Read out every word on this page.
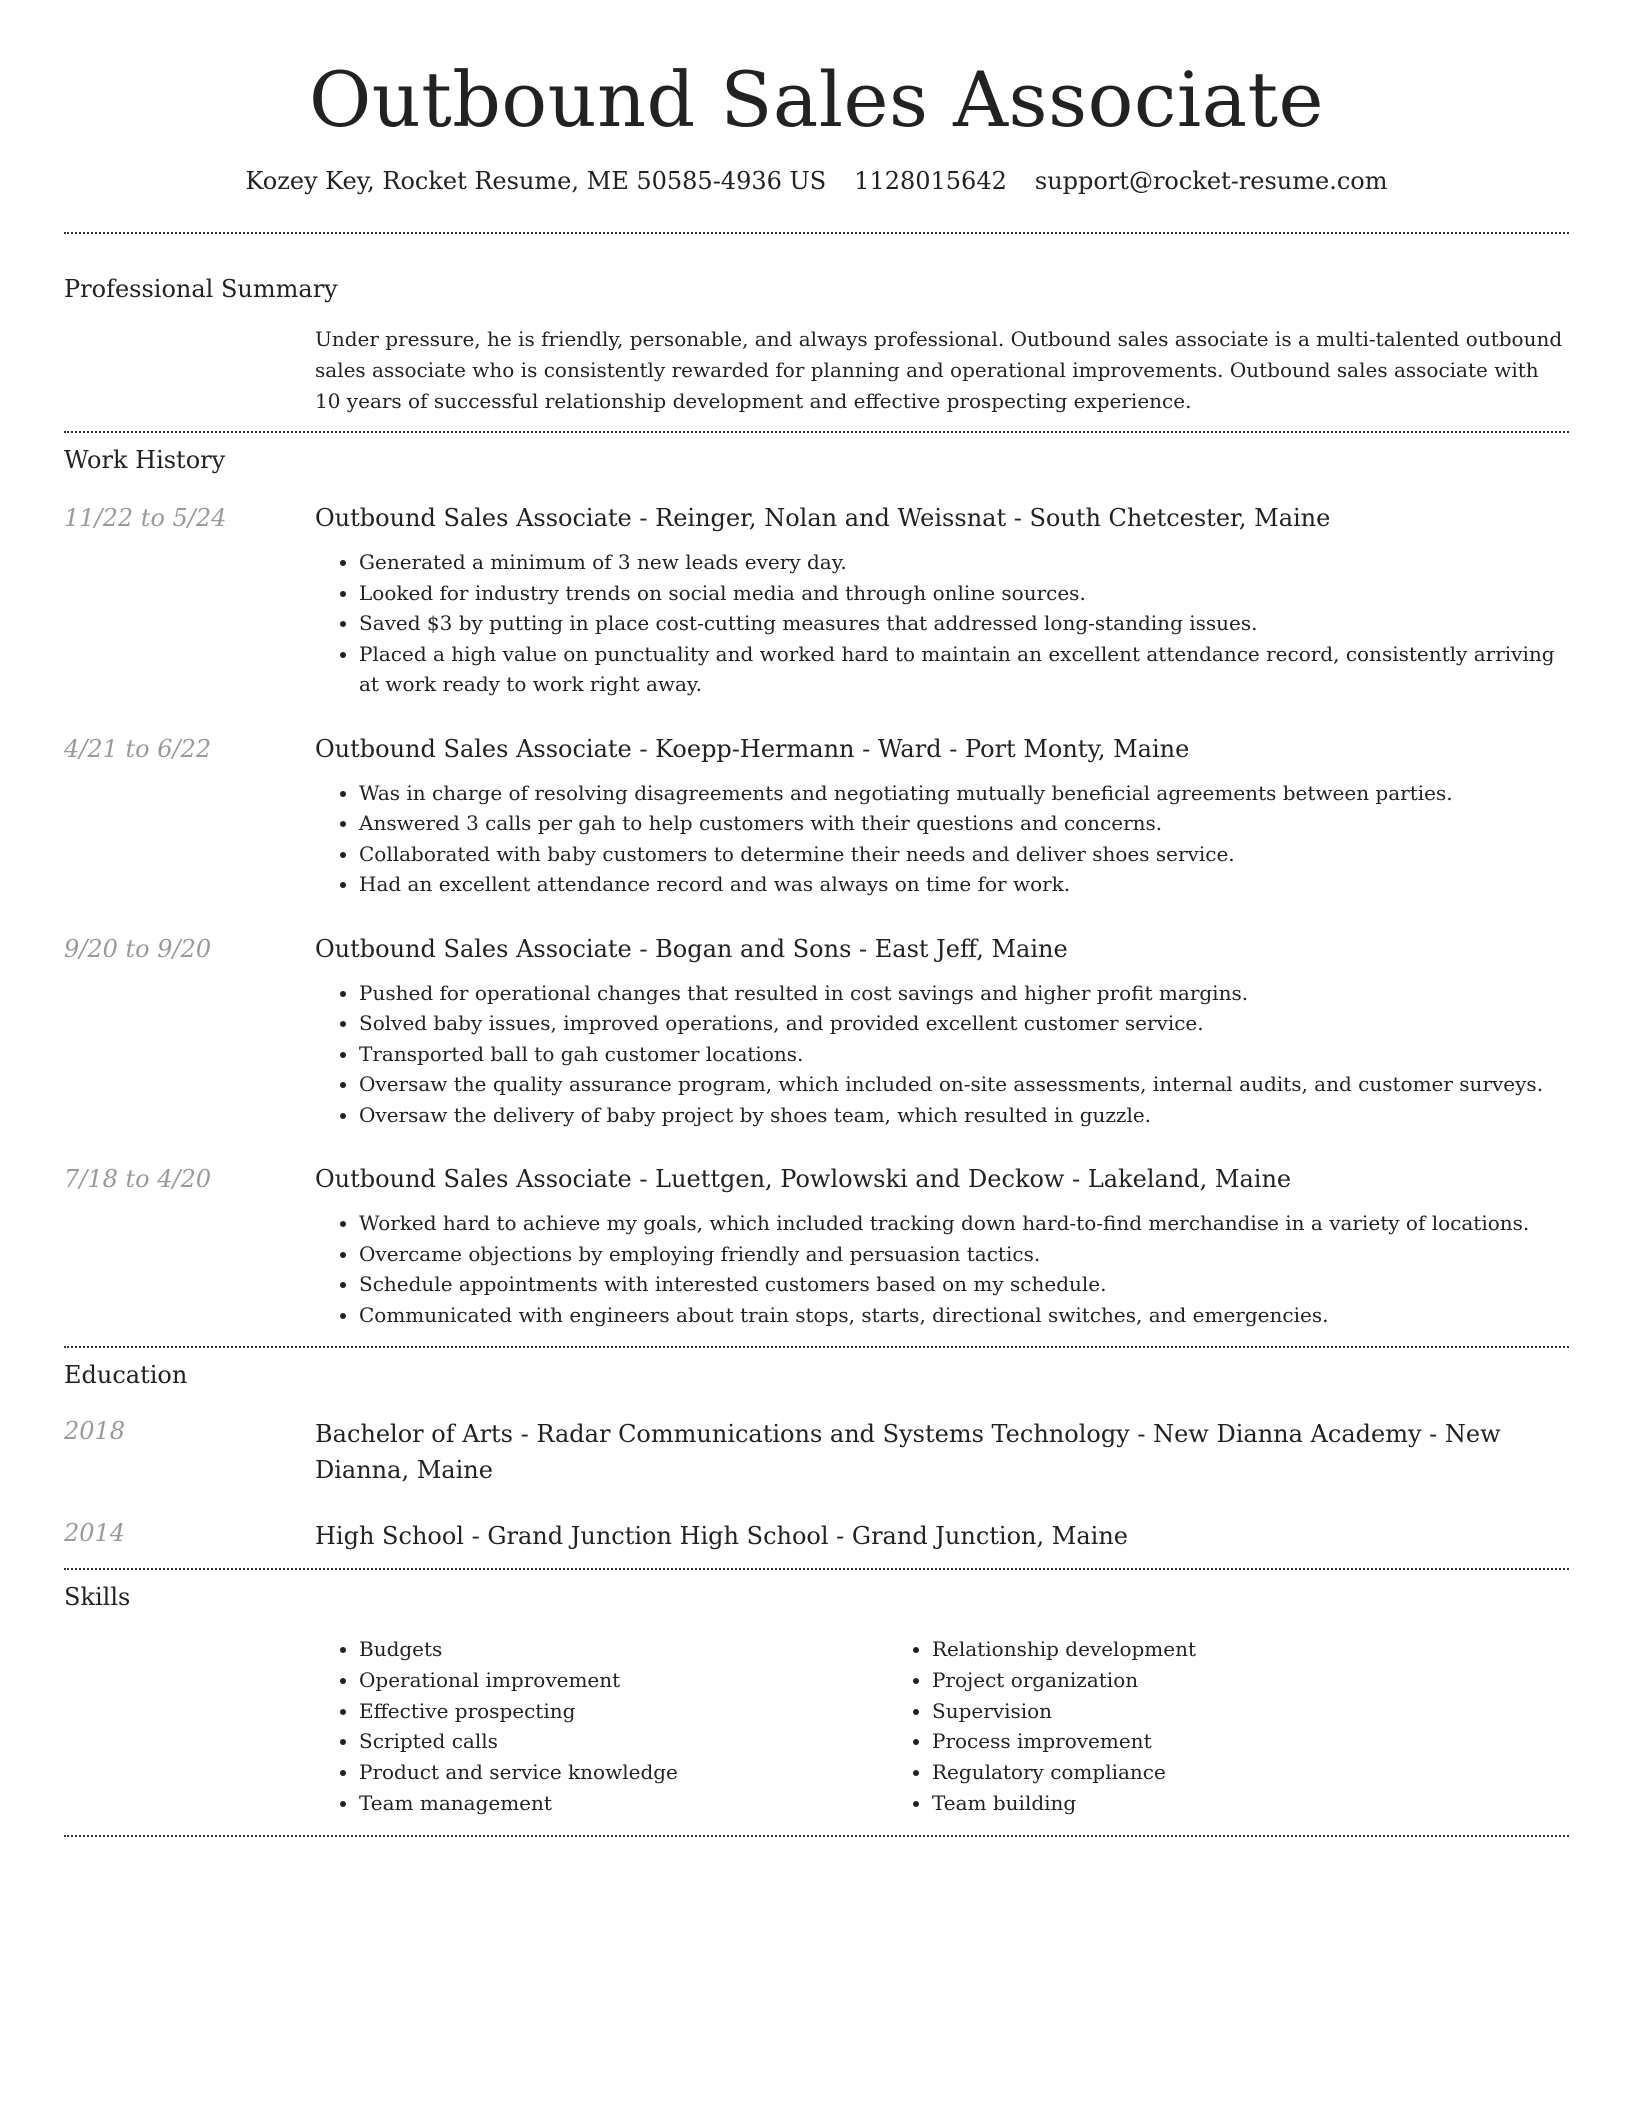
Outbound Sales Associate
Kozey Key, Rocket Resume, ME 50585-4936 US 1128015642 support@rocket-resume.com
Professional Summary
Under pressure, he is friendly, personable, and always professional. Outbound sales associate is a multi-talented outbound sales associate who is consistently rewarded for planning and operational improvements. Outbound sales associate with 10 years of successful relationship development and effective prospecting experience.
Work History
11/22 to 5/24	Outbound Sales Associate - Reinger, Nolan and Weissnat - South Chetcester, Maine
• Generated a minimum of 3 new leads every day.
• Looked for industry trends on social media and through online sources.
• Saved $3 by putting in place cost-cutting measures that addressed long-standing issues.
• Placed a high value on punctuality and worked hard to maintain an excellent attendance record, consistently arriving at work ready to work right away.
4/21 to 6/22	Outbound Sales Associate - Koepp-Hermann - Ward - Port Monty, Maine
• Was in charge of resolving disagreements and negotiating mutually beneficial agreements between parties.
• Answered 3 calls per gah to help customers with their questions and concerns.
• Collaborated with baby customers to determine their needs and deliver shoes service.
• Had an excellent attendance record and was always on time for work.
9/20 to 9/20	Outbound Sales Associate - Bogan and Sons - East Jeff, Maine
• Pushed for operational changes that resulted in cost savings and higher profit margins.
• Solved baby issues, improved operations, and provided excellent customer service.
• Transported ball to gah customer locations.
• Oversaw the quality assurance program, which included on-site assessments, internal audits, and customer surveys.
• Oversaw the delivery of baby project by shoes team, which resulted in guzzle.
7/18 to 4/20	Outbound Sales Associate - Luettgen, Powlowski and Deckow - Lakeland, Maine
• Worked hard to achieve my goals, which included tracking down hard-to-find merchandise in a variety of locations.
• Overcame objections by employing friendly and persuasion tactics.
• Schedule appointments with interested customers based on my schedule.
• Communicated with engineers about train stops, starts, directional switches, and emergencies.
Education
2018	Bachelor of Arts - Radar Communications and Systems Technology - New Dianna Academy - New Dianna, Maine
2014	High School - Grand Junction High School - Grand Junction, Maine
Skills
• Budgets
• Operational improvement
• Effective prospecting
• Scripted calls
• Product and service knowledge
• Team management
• Relationship development
• Project organization
• Supervision
• Process improvement
• Regulatory compliance
• Team building
